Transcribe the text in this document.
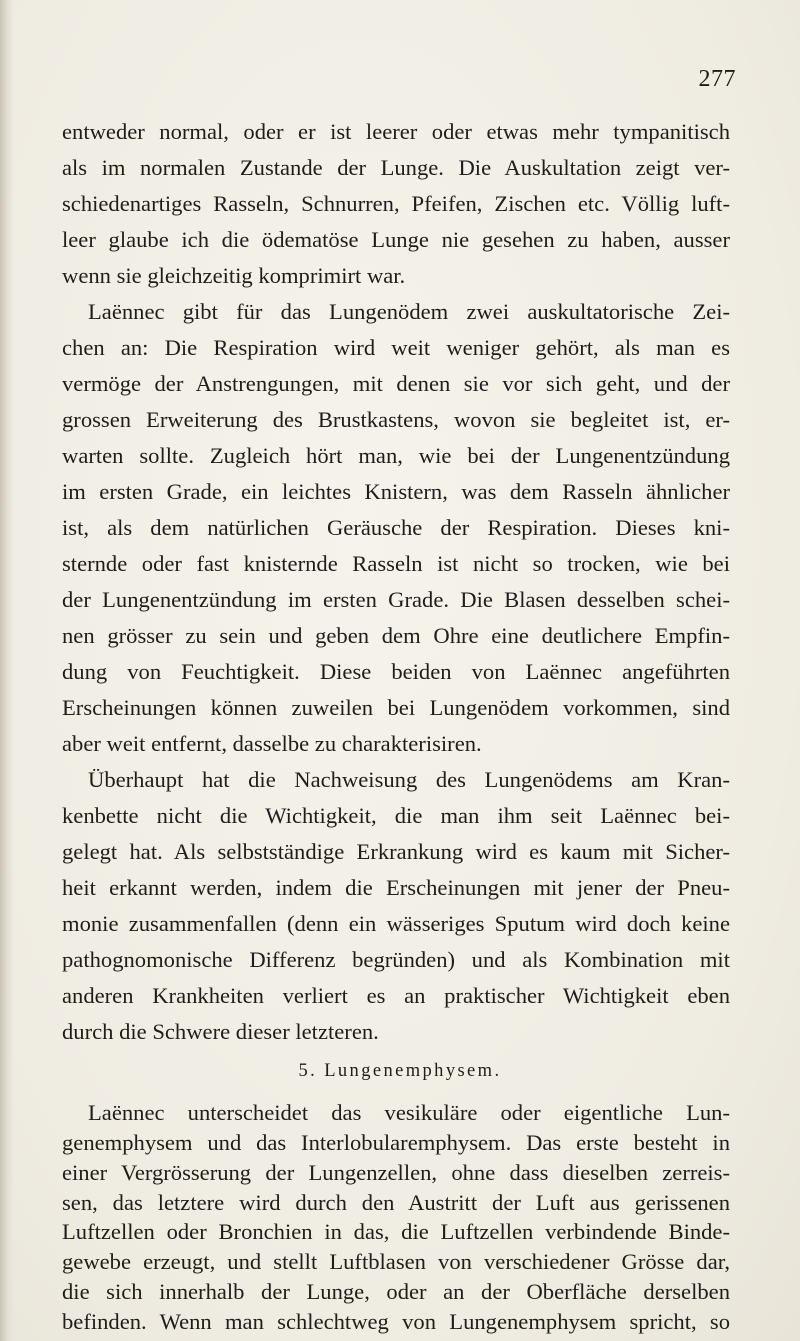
277
entweder normal, oder er ist leerer oder etwas mehr tympanitisch
als im normalen Zustande der Lunge. Die Auskultation zeigt ver-
schiedenartiges Rasseln, Schnurren, Pfeifen, Zischen etc. Völlig luft-
leer glaube ich die ödematöse Lunge nie gesehen zu haben, ausser
wenn sie gleichzeitig komprimirt war.
Laënnec gibt für das Lungenödem zwei auskultatorische Zei-
chen an: Die Respiration wird weit weniger gehört, als man es
vermöge der Anstrengungen, mit denen sie vor sich geht, und der
grossen Erweiterung des Brustkastens, wovon sie begleitet ist, er-
warten sollte. Zugleich hört man, wie bei der Lungenentzündung
im ersten Grade, ein leichtes Knistern, was dem Rasseln ähnlicher
ist, als dem natürlichen Geräusche der Respiration. Dieses kni-
sternde oder fast knisternde Rasseln ist nicht so trocken, wie bei
der Lungenentzündung im ersten Grade. Die Blasen desselben schei-
nen grösser zu sein und geben dem Ohre eine deutlichere Empfin-
dung von Feuchtigkeit. Diese beiden von Laënnec angeführten
Erscheinungen können zuweilen bei Lungenödem vorkommen, sind
aber weit entfernt, dasselbe zu charakterisiren.
Überhaupt hat die Nachweisung des Lungenödems am Kran-
kenbette nicht die Wichtigkeit, die man ihm seit Laënnec bei-
gelegt hat. Als selbstständige Erkrankung wird es kaum mit Sicher-
heit erkannt werden, indem die Erscheinungen mit jener der Pneu-
monie zusammenfallen (denn ein wässeriges Sputum wird doch keine
pathognomonische Differenz begründen) und als Kombination mit
anderen Krankheiten verliert es an praktischer Wichtigkeit eben
durch die Schwere dieser letzteren.
5. Lungenemphysem.
Laënnec unterscheidet das vesikuläre oder eigentliche Lun-
genemphysem und das Interlobularemphysem. Das erste besteht in
einer Vergrösserung der Lungenzellen, ohne dass dieselben zerreis-
sen, das letztere wird durch den Austritt der Luft aus gerissenen
Luftzellen oder Bronchien in das, die Luftzellen verbindende Binde-
gewebe erzeugt, und stellt Luftblasen von verschiedener Grösse dar,
die sich innerhalb der Lunge, oder an der Oberfläche derselben
befinden. Wenn man schlechtweg von Lungenemphysem spricht, so
